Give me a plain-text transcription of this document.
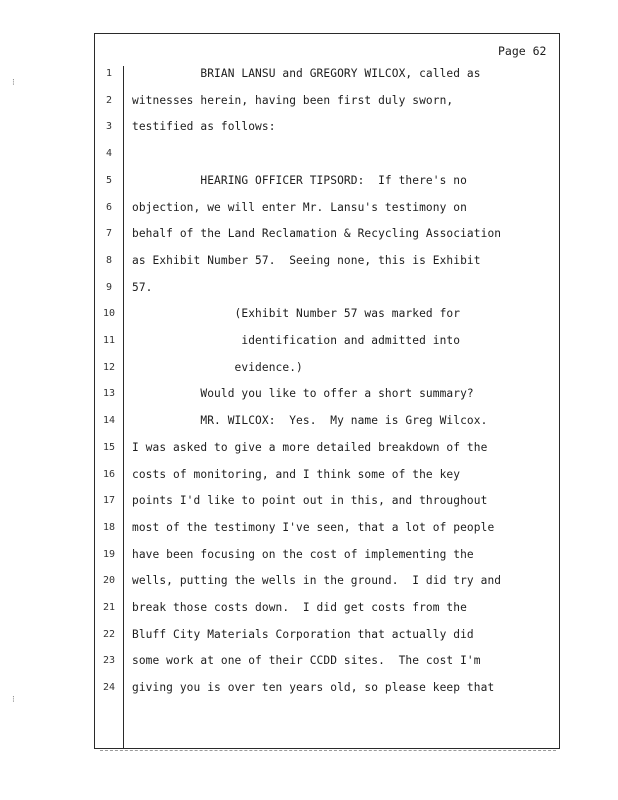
⁝
⁝
Page 62
1	BRIAN LANSU and GREGORY WILCOX, called as
2	witnesses herein, having been first duly sworn,
3	testified as follows:
4
5	HEARING OFFICER TIPSORD:  If there's no
6	objection, we will enter Mr. Lansu's testimony on
7	behalf of the Land Reclamation & Recycling Association
8	as Exhibit Number 57.  Seeing none, this is Exhibit
9	57.
10	(Exhibit Number 57 was marked for
11	identification and admitted into
12	evidence.)
13	Would you like to offer a short summary?
14	MR. WILCOX:  Yes.  My name is Greg Wilcox.
15	I was asked to give a more detailed breakdown of the
16	costs of monitoring, and I think some of the key
17	points I'd like to point out in this, and throughout
18	most of the testimony I've seen, that a lot of people
19	have been focusing on the cost of implementing the
20	wells, putting the wells in the ground.  I did try and
21	break those costs down.  I did get costs from the
22	Bluff City Materials Corporation that actually did
23	some work at one of their CCDD sites.  The cost I'm
24	giving you is over ten years old, so please keep that
